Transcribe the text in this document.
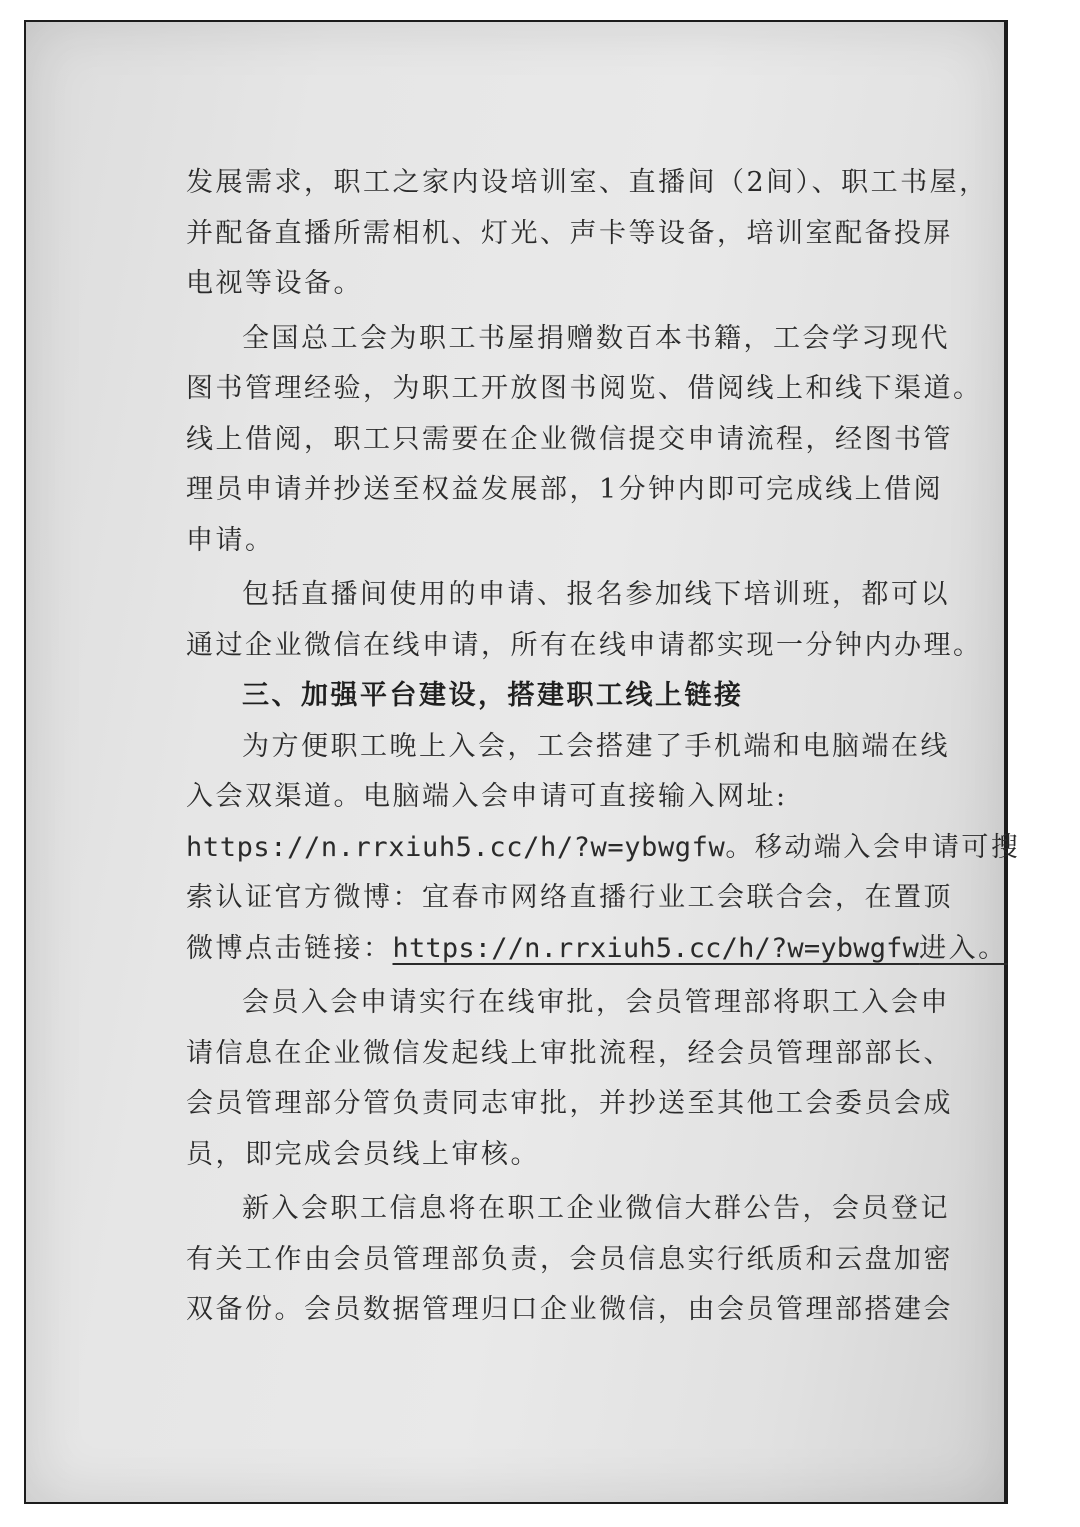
发展需求，职工之家内设培训室、直播间（2间）、职工书屋，
并配备直播所需相机、灯光、声卡等设备，培训室配备投屏
电视等设备。
全国总工会为职工书屋捐赠数百本书籍，工会学习现代
图书管理经验，为职工开放图书阅览、借阅线上和线下渠道。
线上借阅，职工只需要在企业微信提交申请流程，经图书管
理员申请并抄送至权益发展部，1分钟内即可完成线上借阅
申请。
包括直播间使用的申请、报名参加线下培训班，都可以
通过企业微信在线申请，所有在线申请都实现一分钟内办理。
三、加强平台建设，搭建职工线上链接
为方便职工晚上入会，工会搭建了手机端和电脑端在线
入会双渠道。电脑端入会申请可直接输入网址:
https://n.rrxiuh5.cc/h/?w=ybwgfw。移动端入会申请可搜
索认证官方微博：宜春市网络直播行业工会联合会，在置顶
微博点击链接：https://n.rrxiuh5.cc/h/?w=ybwgfw进入。
会员入会申请实行在线审批，会员管理部将职工入会申
请信息在企业微信发起线上审批流程，经会员管理部部长、
会员管理部分管负责同志审批，并抄送至其他工会委员会成
员，即完成会员线上审核。
新入会职工信息将在职工企业微信大群公告，会员登记
有关工作由会员管理部负责，会员信息实行纸质和云盘加密
双备份。会员数据管理归口企业微信，由会员管理部搭建会
